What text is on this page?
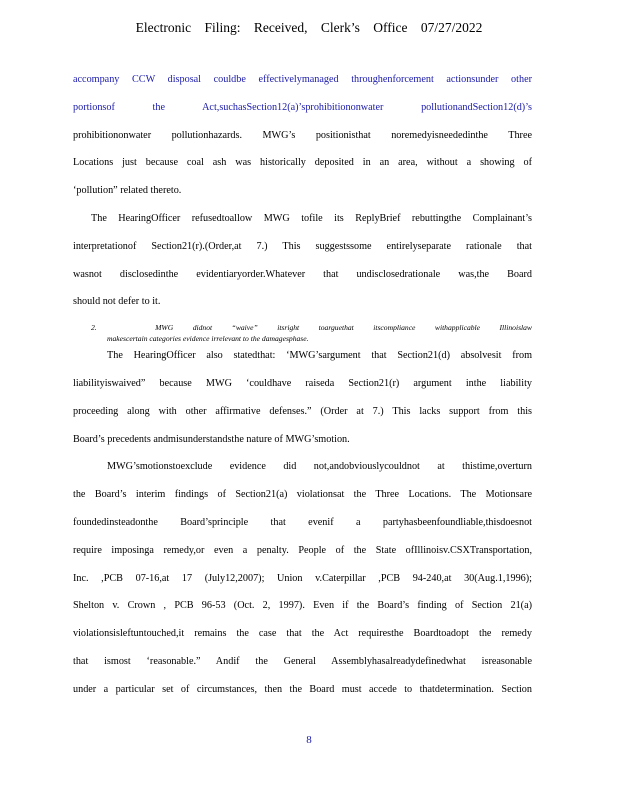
Electronic Filing: Received, Clerk’s Office 07/27/2022
accompany CCW disposal couldbe effectivelymanaged throughenforcement actionsunder other
portionsof the Act,suchasSection12(a)’sprohibitiononwater pollutionandSection12(d)’s
prohibitiononwater pollutionhazards. MWG’s positionisthat noremedyisneededinthe Three
Locations just because coal ash was historically deposited in an area, without a showing of
‘pollution” related thereto.
The HearingOfficer refusedtoallow MWG tofile its ReplyBrief rebuttingthe Complainant’s
interpretationof Section21(r).(Order,at 7.) This suggestssome entirelyseparate rationale that
wasnot disclosedinthe evidentiaryorder.Whatever that undisclosedrationale was,the Board
should not defer to it.
2.	MWG didnot “waive” itsright toarguethat itscompliance withapplicable Illinoislaw
makescertain categories evidence irrelevant to the damagesphase.
The HearingOfficer also statedthat: ‘MWG’sargument that Section21(d) absolvesit from
liabilityiswaived” because MWG ‘couldhave raiseda Section21(r) argument inthe liability
proceeding along with other affirmative defenses.” (Order at 7.) This lacks support from this
Board’s precedents andmisunderstandsthe nature of MWG’smotion.
MWG’smotionstoexclude evidence did not,andobviouslycouldnot at thistime,overturn
the Board’s interim findings of Section21(a) violationsat the Three Locations. The Motionsare
foundedinsteadonthe Board’sprinciple that evenif a partyhasbeenfoundliable,thisdoesnot
require imposinga remedy,or even a penalty. People of the State ofIllinoisv.CSXTransportation,
Inc. ,PCB 07-16,at 17 (July12,2007); Union v.Caterpillar ,PCB 94-240,at 30(Aug.1,1996);
Shelton v. Crown , PCB 96-53 (Oct. 2, 1997). Even if the Board’s finding of Section 21(a)
violationsisleftuntouched,it remains the case that the Act requiresthe Boardtoadopt the remedy
that ismost ‘reasonable.” Andif the General Assemblyhasalreadydefinedwhat isreasonable
under a particular set of circumstances, then the Board must accede to thatdetermination. Section
8
